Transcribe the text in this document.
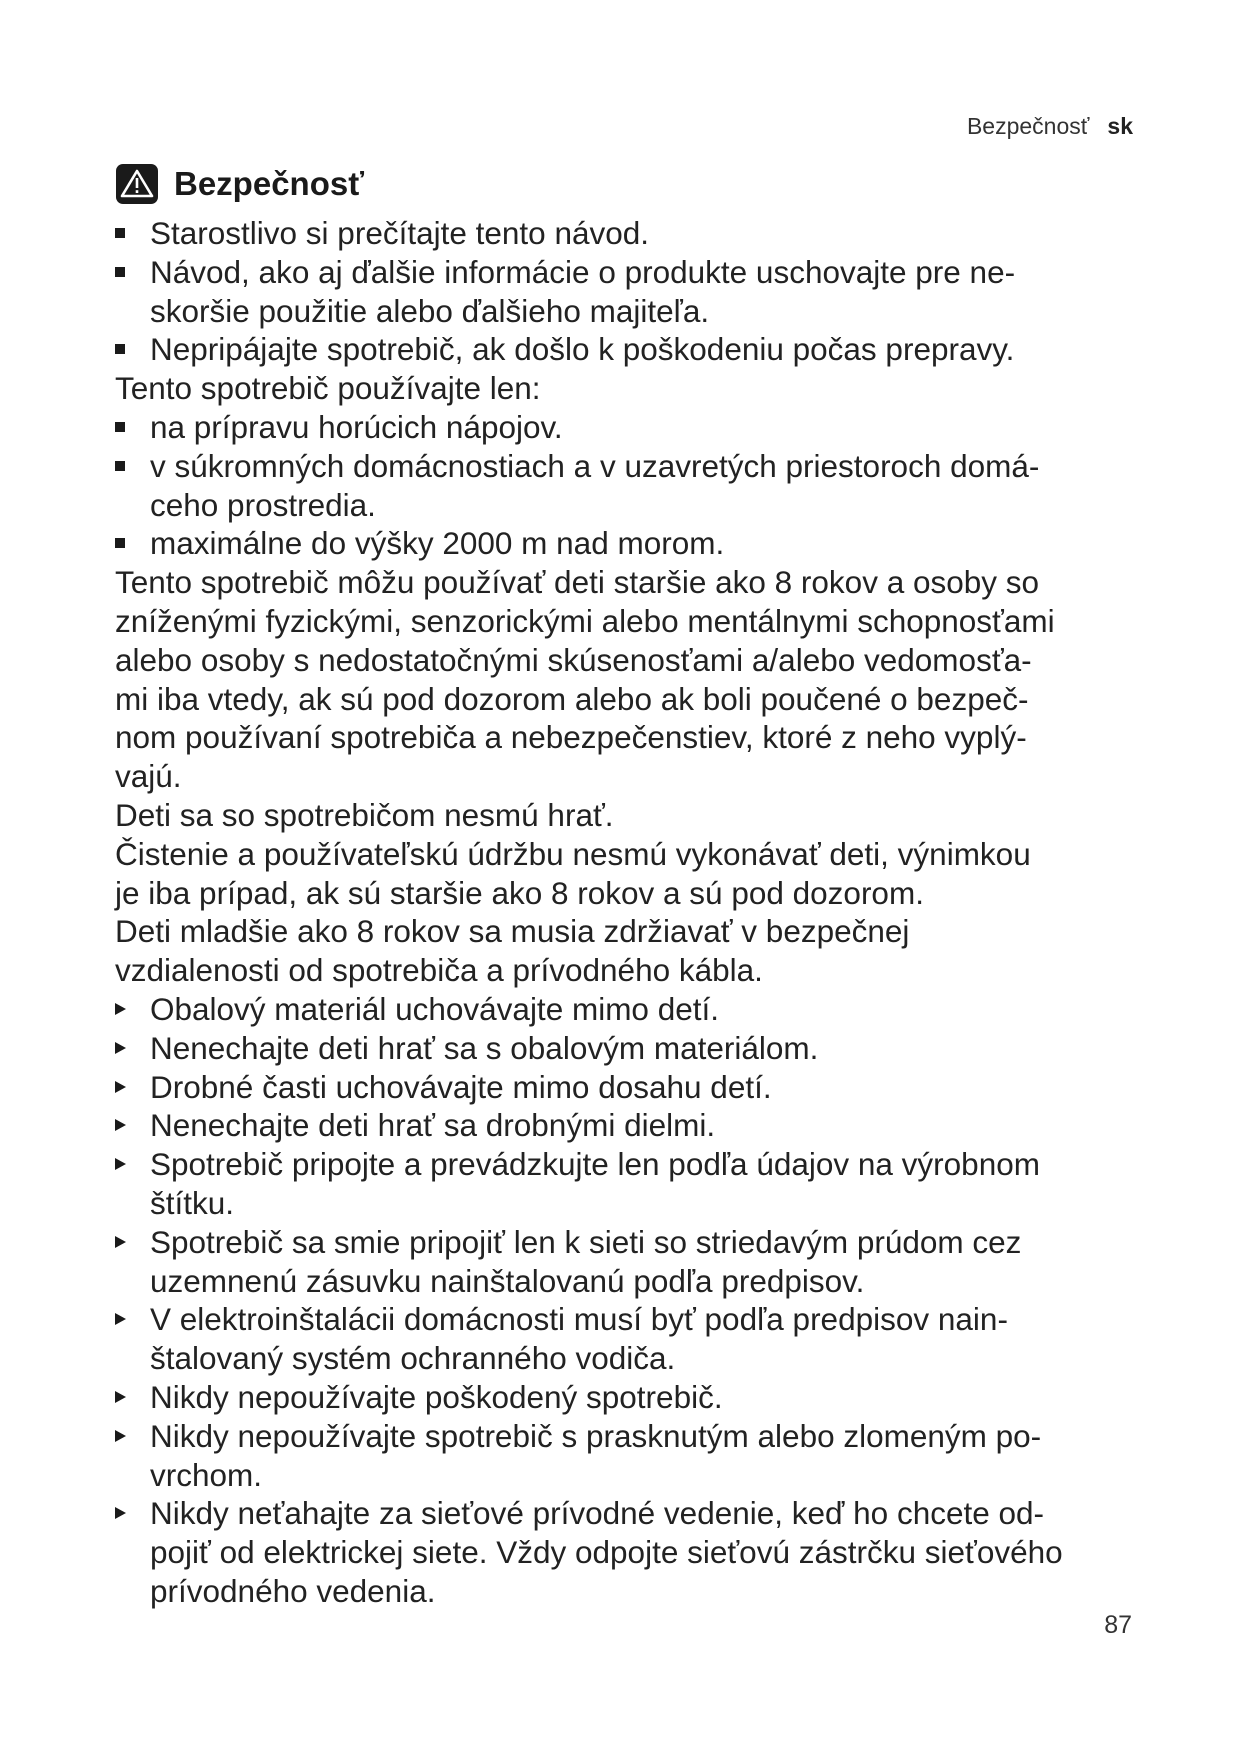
Bezpečnosť sk
Bezpečnosť
Starostlivo si prečítajte tento návod.
Návod, ako aj ďalšie informácie o produkte uschovajte pre ne-
skoršie použitie alebo ďalšieho majiteľa.
Nepripájajte spotrebič, ak došlo k poškodeniu počas prepravy.
Tento spotrebič používajte len:
na prípravu horúcich nápojov.
v súkromných domácnostiach a v uzavretých priestoroch domá-
ceho prostredia.
maximálne do výšky 2000 m nad morom.
Tento spotrebič môžu používať deti staršie ako 8 rokov a osoby so
zníženými fyzickými, senzorickými alebo mentálnymi schopnosťami
alebo osoby s nedostatočnými skúsenosťami a/alebo vedomosťa-
mi iba vtedy, ak sú pod dozorom alebo ak boli poučené o bezpeč-
nom používaní spotrebiča a nebezpečenstiev, ktoré z neho vyplý-
vajú.
Deti sa so spotrebičom nesmú hrať.
Čistenie a používateľskú údržbu nesmú vykonávať deti, výnimkou
je iba prípad, ak sú staršie ako 8 rokov a sú pod dozorom.
Deti mladšie ako 8 rokov sa musia zdržiavať v bezpečnej
vzdialenosti od spotrebiča a prívodného kábla.
Obalový materiál uchovávajte mimo detí.
Nenechajte deti hrať sa s obalovým materiálom.
Drobné časti uchovávajte mimo dosahu detí.
Nenechajte deti hrať sa drobnými dielmi.
Spotrebič pripojte a prevádzkujte len podľa údajov na výrobnom
štítku.
Spotrebič sa smie pripojiť len k sieti so striedavým prúdom cez
uzemnenú zásuvku nainštalovanú podľa predpisov.
V elektroinštalácii domácnosti musí byť podľa predpisov nain-
štalovaný systém ochranného vodiča.
Nikdy nepoužívajte poškodený spotrebič.
Nikdy nepoužívajte spotrebič s prasknutým alebo zlomeným po-
vrchom.
Nikdy neťahajte za sieťové prívodné vedenie, keď ho chcete od-
pojiť od elektrickej siete. Vždy odpojte sieťovú zástrčku sieťového
prívodného vedenia.
87
